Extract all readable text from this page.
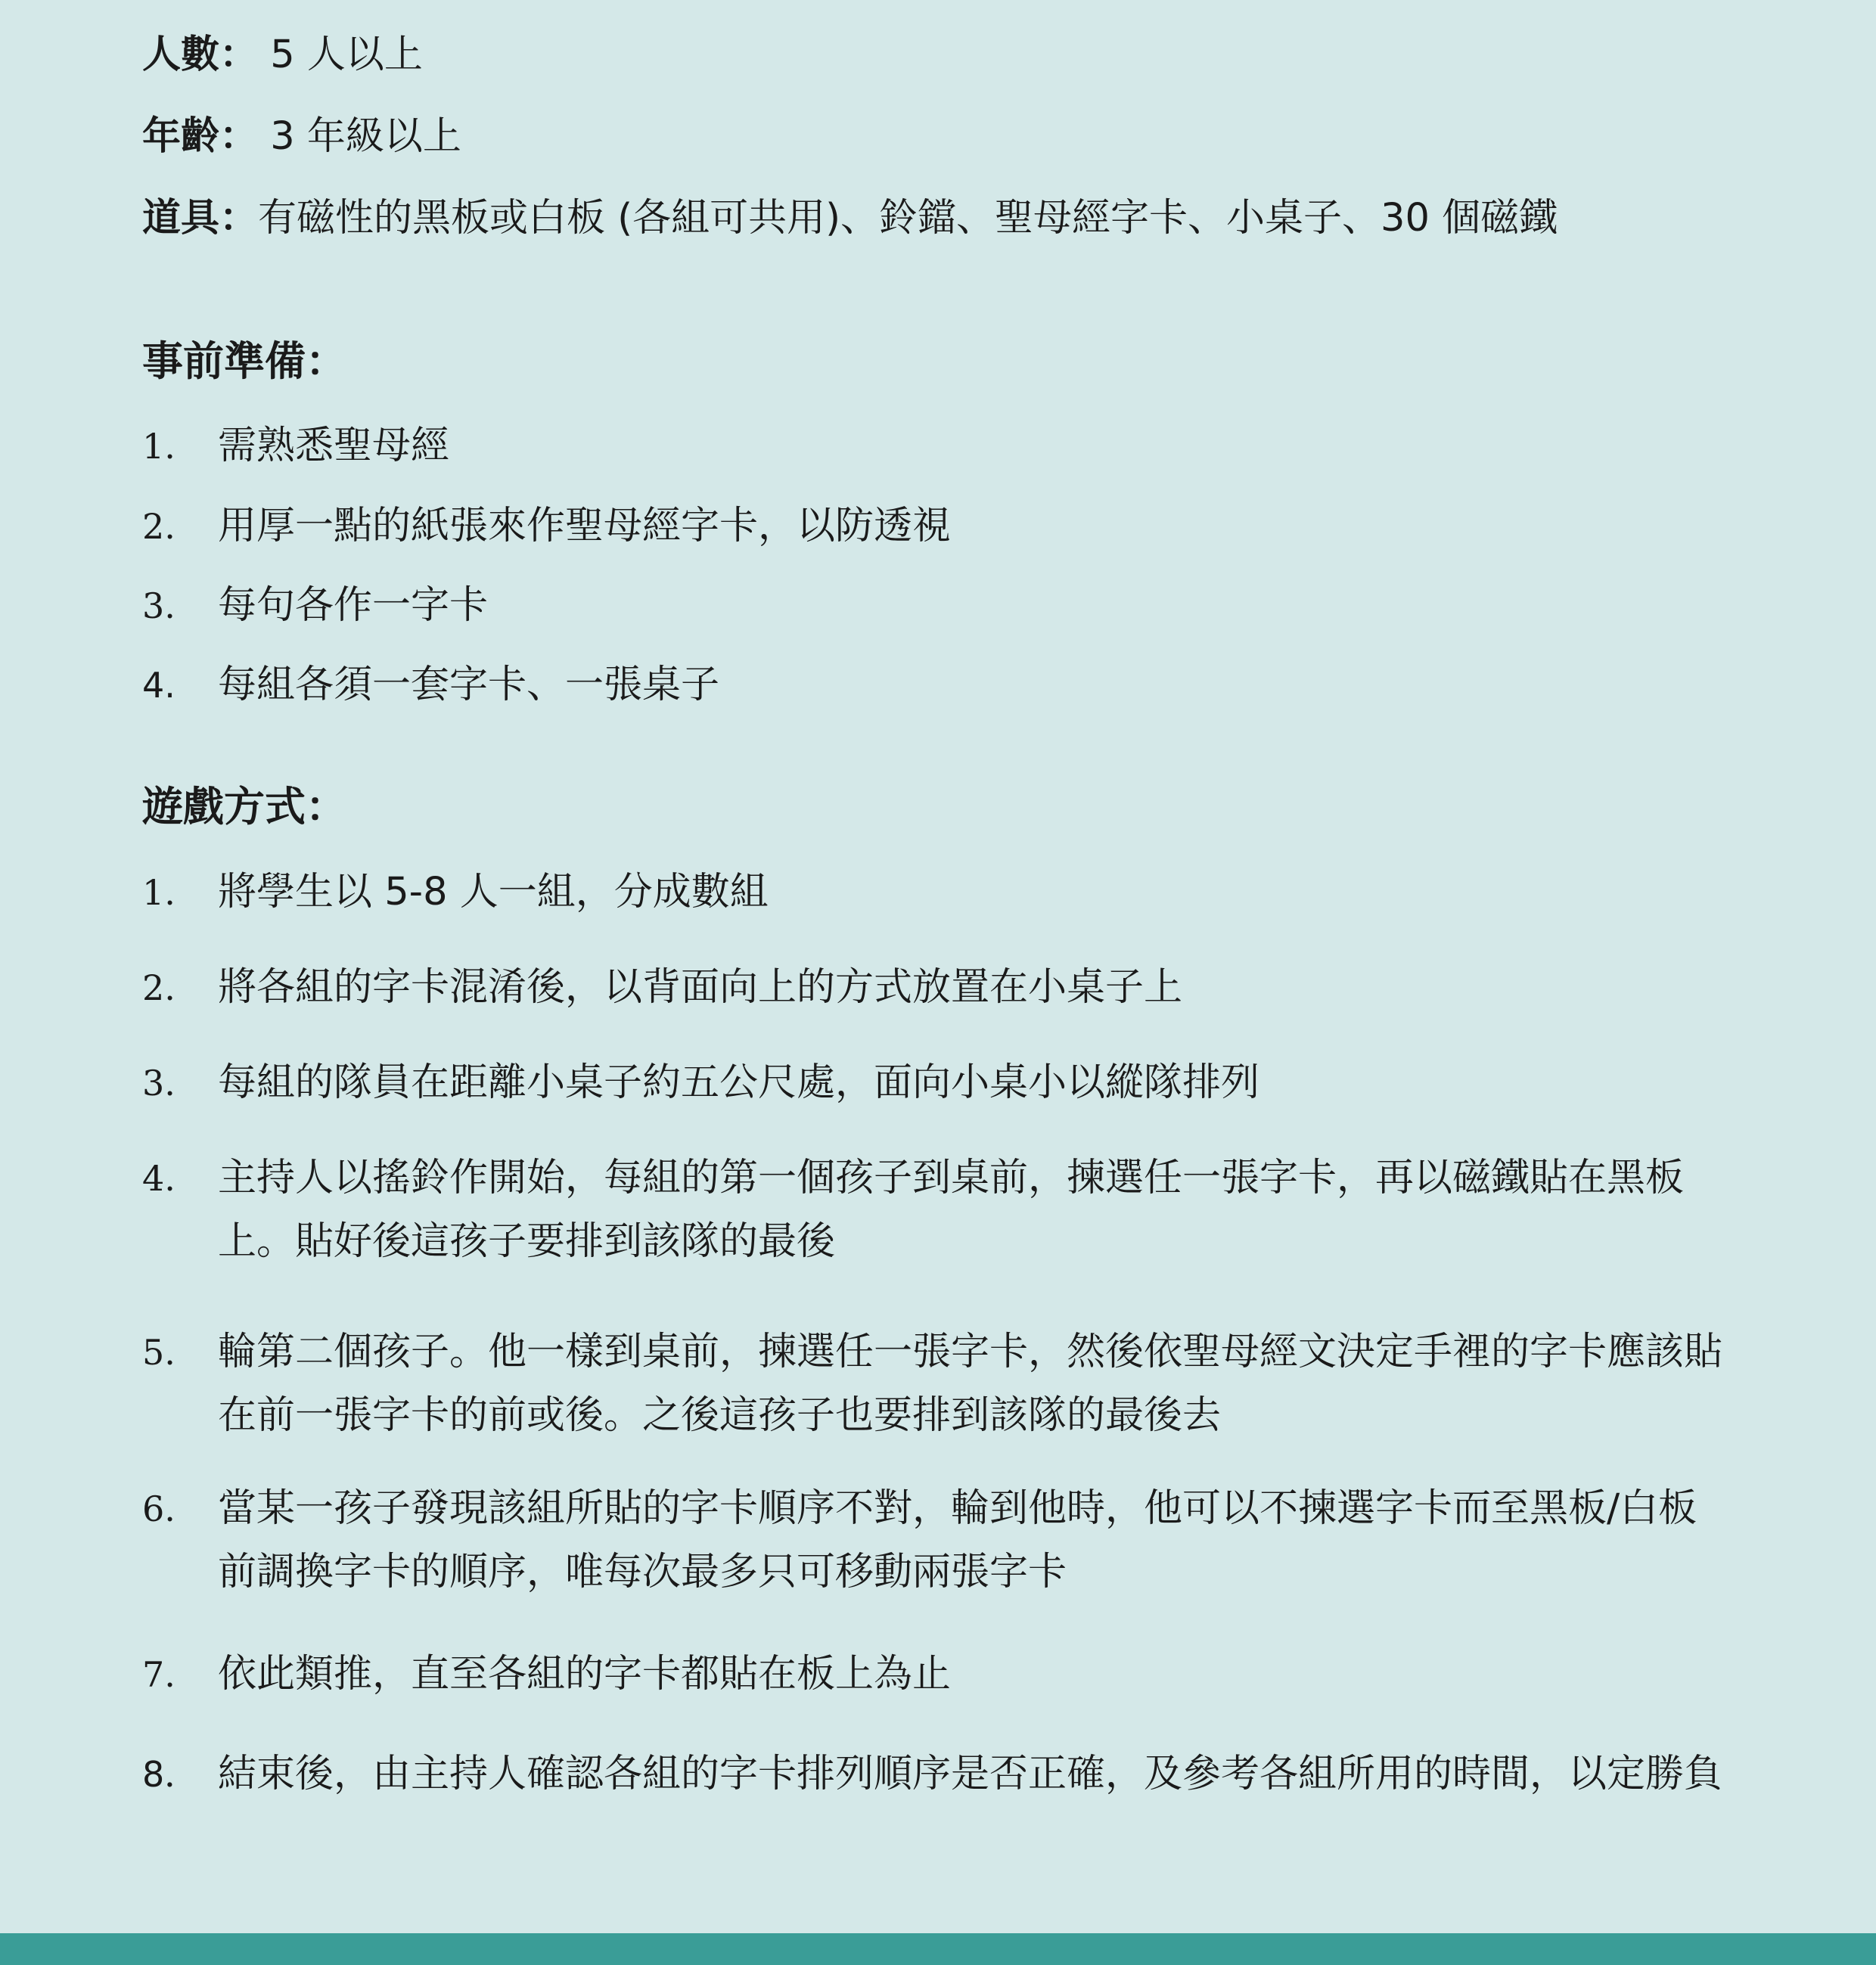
人數： 5 人以上
年齡： 3 年級以上
道具：有磁性的黑板或白板 (各組可共用)、鈴鐺、聖母經字卡、小桌子、30 個磁鐵
事前準備：
1. 需熟悉聖母經
2. 用厚一點的紙張來作聖母經字卡，以防透視
3. 每句各作一字卡
4. 每組各須一套字卡、一張桌子
遊戲方式：
1. 將學生以 5-8 人一組，分成數組
2. 將各組的字卡混淆後，以背面向上的方式放置在小桌子上
3. 每組的隊員在距離小桌子約五公尺處，面向小桌小以縱隊排列
4. 主持人以搖鈴作開始，每組的第一個孩子到桌前，揀選任一張字卡，再以磁鐵貼在黑板上。貼好後這孩子要排到該隊的最後
5. 輪第二個孩子。他一樣到桌前，揀選任一張字卡，然後依聖母經文決定手裡的字卡應該貼在前一張字卡的前或後。之後這孩子也要排到該隊的最後去
6. 當某一孩子發現該組所貼的字卡順序不對，輪到他時，他可以不揀選字卡而至黑板/白板前調換字卡的順序，唯每次最多只可移動兩張字卡
7. 依此類推，直至各組的字卡都貼在板上為止
8． 結束後，由主持人確認各組的字卡排列順序是否正確，及參考各組所用的時間，以定勝負
